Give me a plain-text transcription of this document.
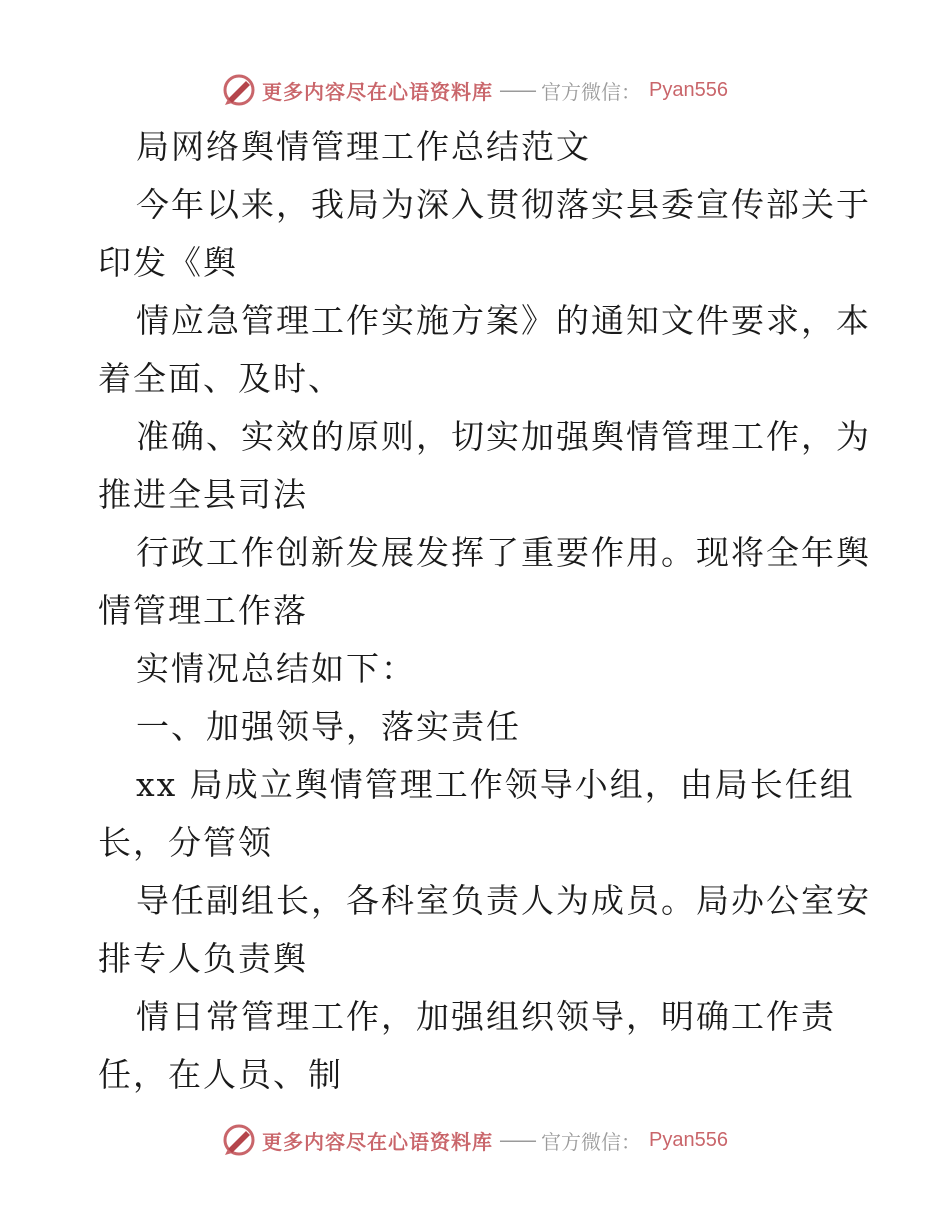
更多内容尽在心语资料库 —— 官方微信： Pyan556
局网络舆情管理工作总结范文
今年以来，我局为深入贯彻落实县委宣传部关于
印发《舆
情应急管理工作实施方案》的通知文件要求，本
着全面、及时、
准确、实效的原则，切实加强舆情管理工作，为
推进全县司法
行政工作创新发展发挥了重要作用。现将全年舆
情管理工作落
实情况总结如下：
一、加强领导，落实责任
xx 局成立舆情管理工作领导小组，由局长任组
长，分管领
导任副组长，各科室负责人为成员。局办公室安
排专人负责舆
情日常管理工作，加强组织领导，明确工作责
任，在人员、制
更多内容尽在心语资料库 —— 官方微信： Pyan556
